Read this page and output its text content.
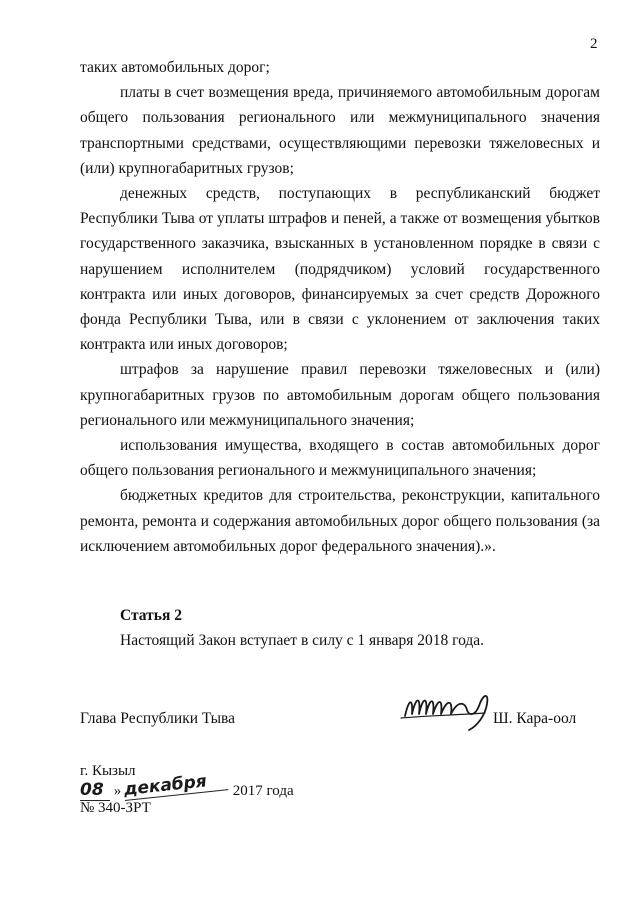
2

таких автомобильных дорог;

платы в счет возмещения вреда, причиняемого автомобильным дорогам общего пользования регионального или межмуниципального значения транспортными средствами, осуществляющими перевозки тяжеловесных и (или) крупногабаритных грузов;

денежных средств, поступающих в республиканский бюджет Республики Тыва от уплаты штрафов и пеней, а также от возмещения убытков государственного заказчика, взысканных в установленном порядке в связи с нарушением исполнителем (подрядчиком) условий государственного контракта или иных договоров, финансируемых за счет средств Дорожного фонда Республики Тыва, или в связи с уклонением от заключения таких контракта или иных договоров;

штрафов за нарушение правил перевозки тяжеловесных и (или) крупногабаритных грузов по автомобильным дорогам общего пользования регионального или межмуниципального значения;

использования имущества, входящего в состав автомобильных дорог общего пользования регионального и межмуниципального значения;

бюджетных кредитов для строительства, реконструкции, капитального ремонта, ремонта и содержания автомобильных дорог общего пользования (за исключением автомобильных дорог федерального значения).».

Статья 2
Настоящий Закон вступает в силу с 1 января 2018 года.
Глава Республики Тыва	Ш. Кара-оол
г. Кызыл
08 » декабря 2017 года
№ 340-ЗРТ
